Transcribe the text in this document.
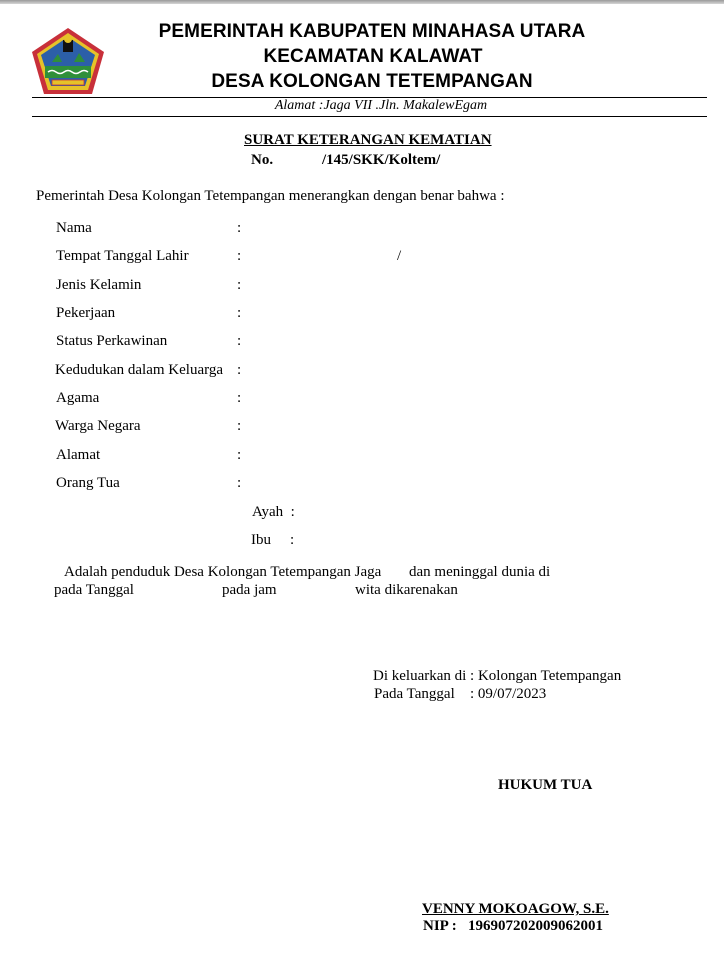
PEMERINTAH KABUPATEN MINAHASA UTARA
KECAMATAN KALAWAT
DESA KOLONGAN TETEMPANGAN
Alamat :Jaga VII .Jln. MakalewEgam
SURAT KETERANGAN KEMATIAN
No.	/145/SKK/Koltem/
Pemerintah Desa Kolongan Tetempangan menerangkan dengan benar bahwa :
Nama	:
Tempat Tanggal Lahir	:	/
Jenis Kelamin	:
Pekerjaan	:
Status Perkawinan	:
Kedudukan dalam Keluarga :
Agama	:
Warga Negara	:
Alamat	:
Orang Tua	:
Ayah  :
Ibu :
Adalah penduduk Desa Kolongan Tetempangan Jaga dan meninggal dunia di
pada Tanggal	pada jam	wita dikarenakan
Di keluarkan di : Kolongan Tetempangan
Pada Tanggal : 09/07/2023
HUKUM TUA
VENNY MOKOAGOW, S.E.
NIP : 196907202009062001
